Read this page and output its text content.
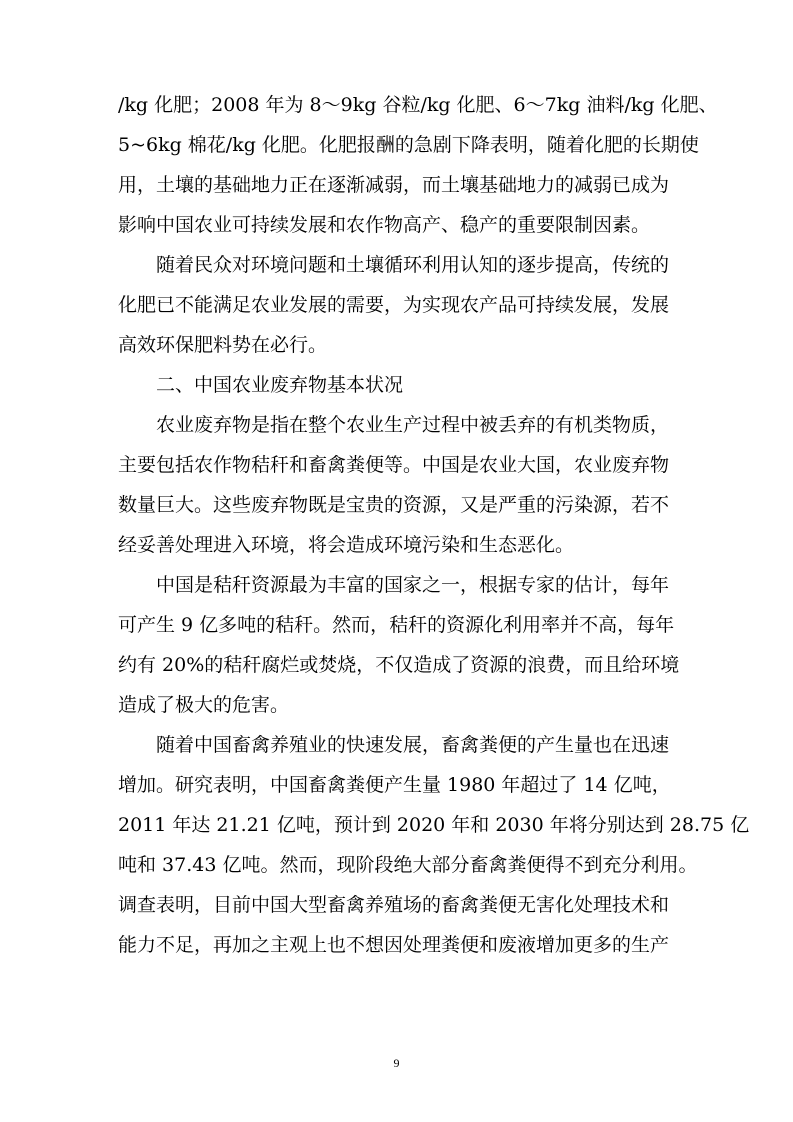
/kg 化肥；2008 年为 8～9kg 谷粒/kg 化肥、6～7kg 油料/kg 化肥、
5~6kg 棉花/kg 化肥。化肥报酬的急剧下降表明，随着化肥的长期使
用，土壤的基础地力正在逐渐减弱，而土壤基础地力的减弱已成为
影响中国农业可持续发展和农作物高产、稳产的重要限制因素。
随着民众对环境问题和土壤循环利用认知的逐步提高，传统的
化肥已不能满足农业发展的需要，为实现农产品可持续发展，发展
高效环保肥料势在必行。
二、中国农业废弃物基本状况
农业废弃物是指在整个农业生产过程中被丢弃的有机类物质，
主要包括农作物秸秆和畜禽粪便等。中国是农业大国，农业废弃物
数量巨大。这些废弃物既是宝贵的资源，又是严重的污染源，若不
经妥善处理进入环境，将会造成环境污染和生态恶化。
中国是秸秆资源最为丰富的国家之一，根据专家的估计，每年
可产生 9 亿多吨的秸秆。然而，秸秆的资源化利用率并不高，每年
约有 20%的秸秆腐烂或焚烧，不仅造成了资源的浪费，而且给环境
造成了极大的危害。
随着中国畜禽养殖业的快速发展，畜禽粪便的产生量也在迅速
增加。研究表明，中国畜禽粪便产生量 1980 年超过了 14 亿吨，
2011 年达 21.21 亿吨，预计到 2020 年和 2030 年将分别达到 28.75 亿
吨和 37.43 亿吨。然而，现阶段绝大部分畜禽粪便得不到充分利用。
调查表明，目前中国大型畜禽养殖场的畜禽粪便无害化处理技术和
能力不足，再加之主观上也不想因处理粪便和废液增加更多的生产
9
